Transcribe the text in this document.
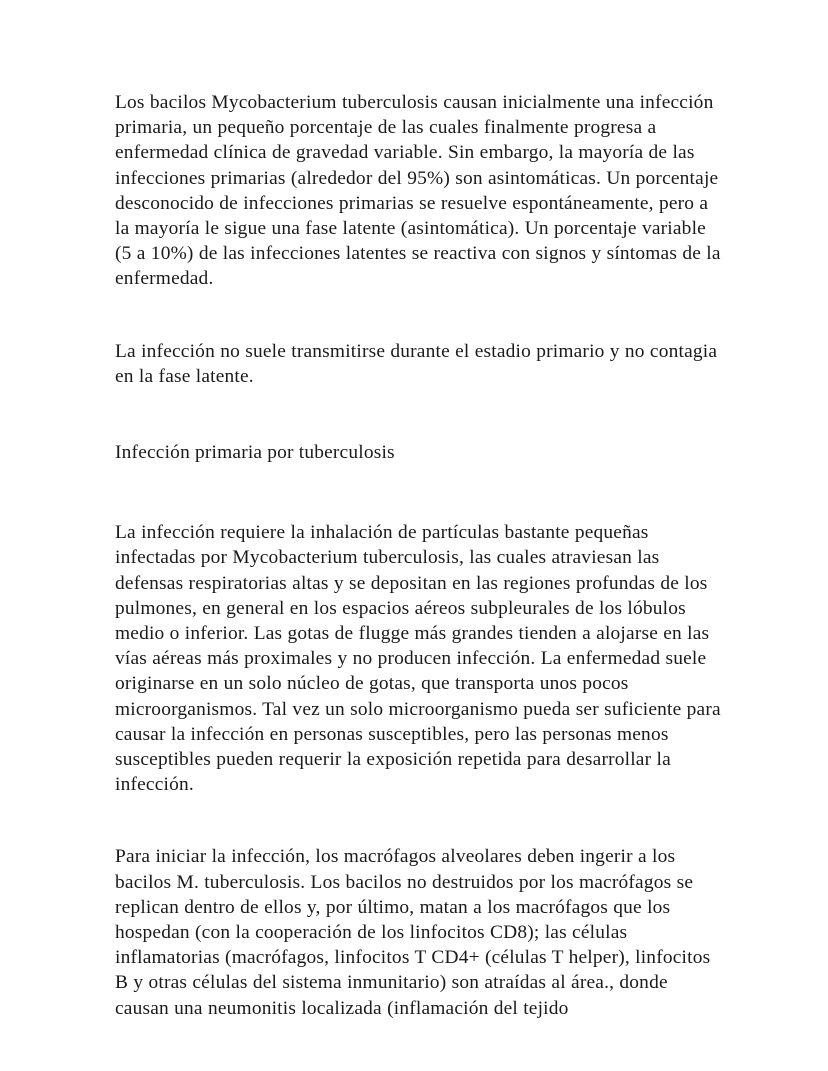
Los bacilos Mycobacterium tuberculosis causan inicialmente una infección primaria, un pequeño porcentaje de las cuales finalmente progresa a enfermedad clínica de gravedad variable. Sin embargo, la mayoría de las infecciones primarias (alrededor del 95%) son asintomáticas. Un porcentaje desconocido de infecciones primarias se resuelve espontáneamente, pero a la mayoría le sigue una fase latente (asintomática). Un porcentaje variable (5 a 10%) de las infecciones latentes se reactiva con signos y síntomas de la enfermedad.

La infección no suele transmitirse durante el estadio primario y no contagia en la fase latente.

Infección primaria por tuberculosis

La infección requiere la inhalación de partículas bastante pequeñas infectadas por Mycobacterium tuberculosis, las cuales atraviesan las defensas respiratorias altas y se depositan en las regiones profundas de los pulmones, en general en los espacios aéreos subpleurales de los lóbulos medio o inferior. Las gotas de flugge más grandes tienden a alojarse en las vías aéreas más proximales y no producen infección. La enfermedad suele originarse en un solo núcleo de gotas, que transporta unos pocos microorganismos. Tal vez un solo microorganismo pueda ser suficiente para causar la infección en personas susceptibles, pero las personas menos susceptibles pueden requerir la exposición repetida para desarrollar la infección.

Para iniciar la infección, los macrófagos alveolares deben ingerir a los bacilos M. tuberculosis. Los bacilos no destruidos por los macrófagos se replican dentro de ellos y, por último, matan a los macrófagos que los hospedan (con la cooperación de los linfocitos CD8); las células inflamatorias (macrófagos, linfocitos T CD4+ (células T helper), linfocitos B y otras células del sistema inmunitario) son atraídas al área., donde causan una neumonitis localizada (inflamación del tejido
